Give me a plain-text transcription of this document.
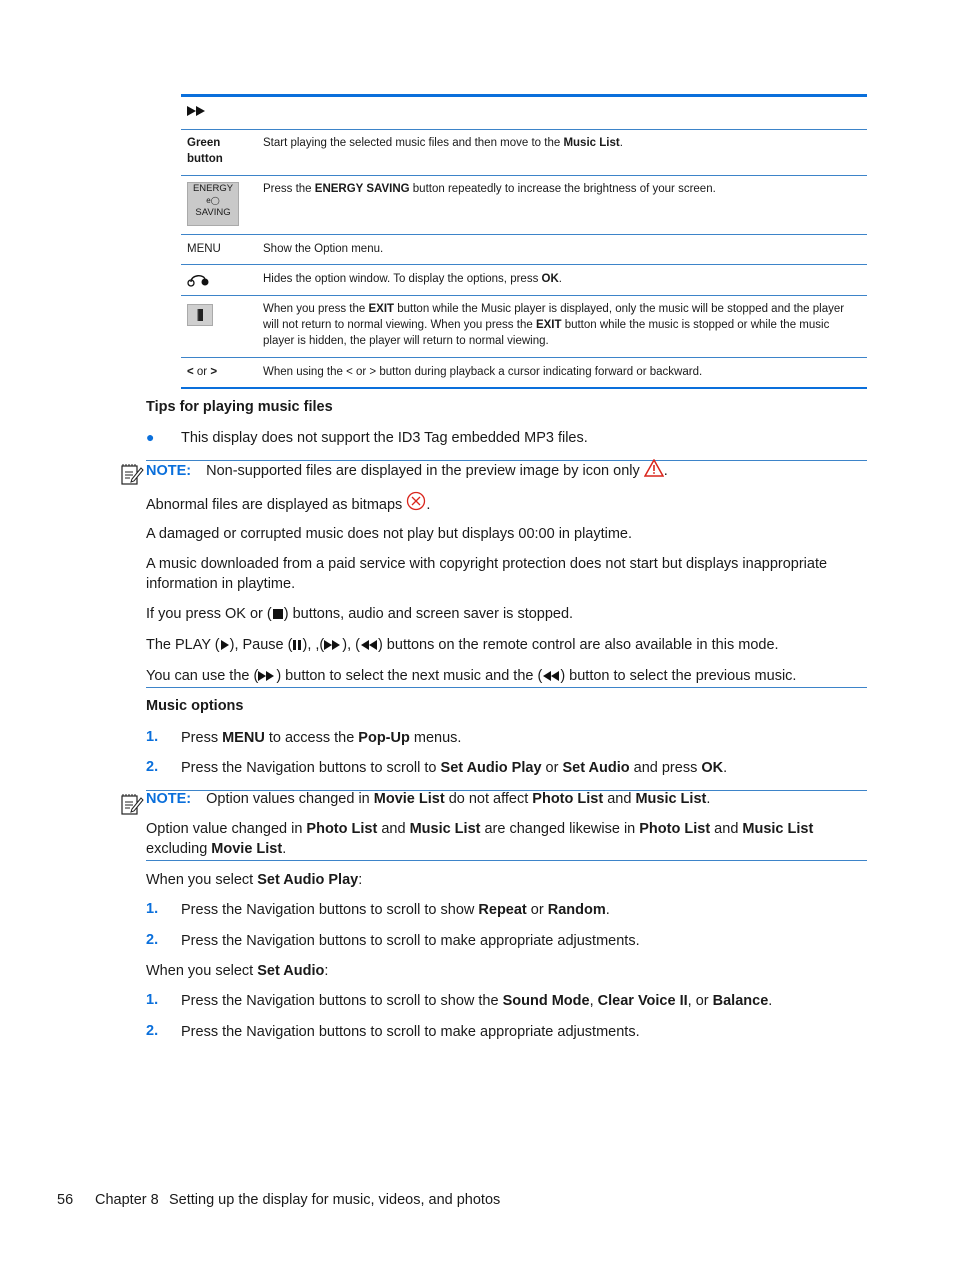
Green button
Start playing the selected music files and then move to the Music List.
ENERGY
e◯
SAVING
Press the ENERGY SAVING button repeatedly to increase the brightness of your screen.
MENU	Show the Option menu.
Hides the option window. To display the options, press OK.
When you press the EXIT button while the Music player is displayed, only the music will be stopped and the player will not return to normal viewing. When you press the EXIT button while the music is stopped or while the music player is hidden, the player will return to normal viewing.
< or >	When using the < or > button during playback a cursor indicating forward or backward.
Tips for playing music files
● This display does not support the ID3 Tag embedded MP3 files.
NOTE: Non-supported files are displayed in the preview image by icon only .
Abnormal files are displayed as bitmaps .
A damaged or corrupted music does not play but displays 00:00 in playtime.
A music downloaded from a paid service with copyright protection does not start but displays inappropriate information in playtime.
If you press OK or ( ) buttons, audio and screen saver is stopped.
The PLAY ( ), Pause ( ), ,( ), ( ) buttons on the remote control are also available in this mode.
You can use the ( ) button to select the next music and the ( ) button to select the previous music.
Music options
1. Press MENU to access the Pop-Up menus.
2. Press the Navigation buttons to scroll to Set Audio Play or Set Audio and press OK.
NOTE: Option values changed in Movie List do not affect Photo List and Music List.
Option value changed in Photo List and Music List are changed likewise in Photo List and Music List
excluding Movie List.
When you select Set Audio Play:
1. Press the Navigation buttons to scroll to show Repeat or Random.
2. Press the Navigation buttons to scroll to make appropriate adjustments.
When you select Set Audio:
1. Press the Navigation buttons to scroll to show the Sound Mode, Clear Voice II, or Balance.
2. Press the Navigation buttons to scroll to make appropriate adjustments.
56 Chapter 8 Setting up the display for music, videos, and photos
